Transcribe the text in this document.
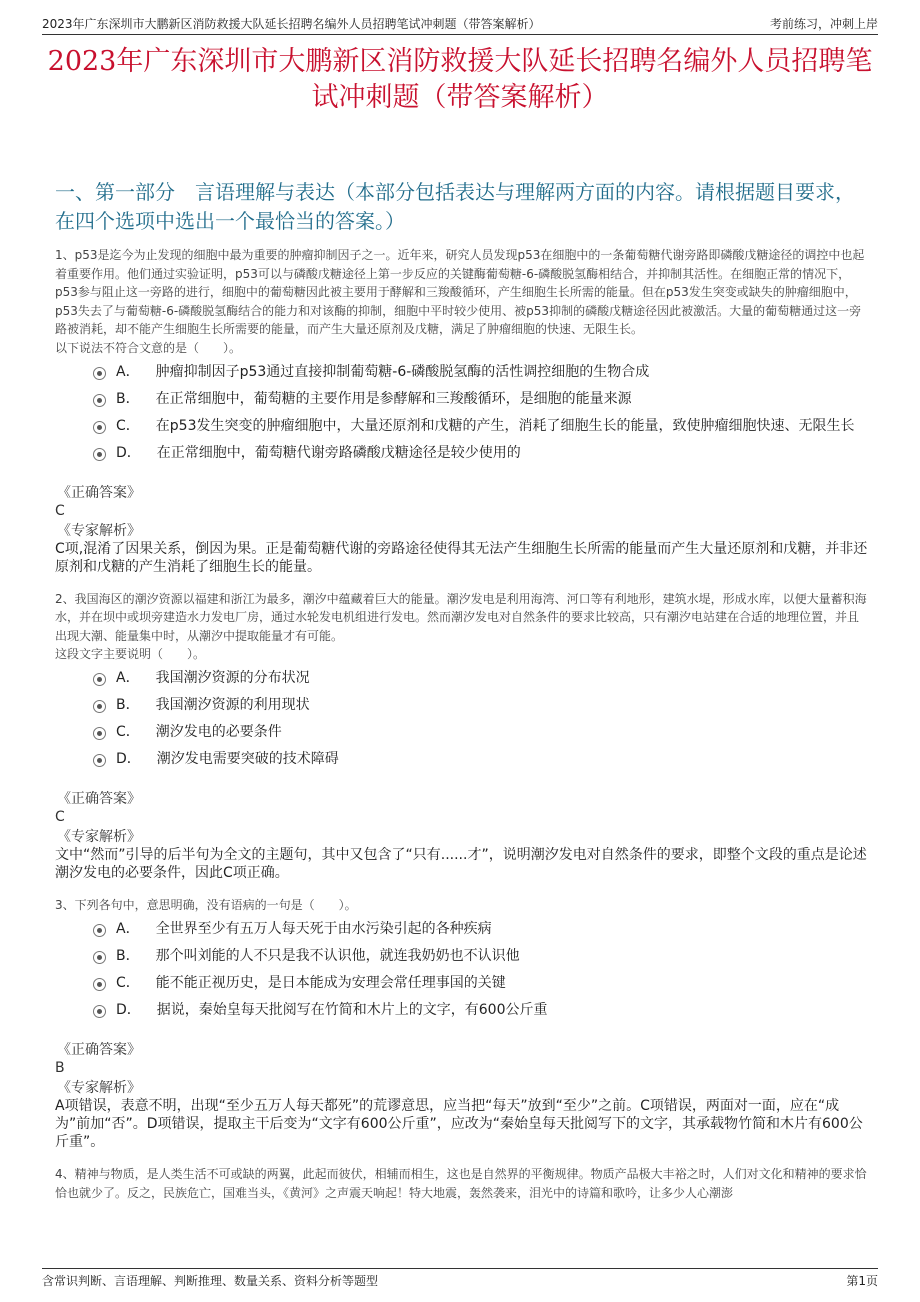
2023年广东深圳市大鹏新区消防救援大队延长招聘名编外人员招聘笔试冲刺题（带答案解析）	考前练习，冲刺上岸
2023年广东深圳市大鹏新区消防救援大队延长招聘名编外人员招聘笔试冲刺题（带答案解析）
一、第一部分　言语理解与表达（本部分包括表达与理解两方面的内容。请根据题目要求，在四个选项中选出一个最恰当的答案。）

1、p53是迄今为止发现的细胞中最为重要的肿瘤抑制因子之一。近年来，研究人员发现p53在细胞中的一条葡萄糖代谢旁路即磷酸戊糖途径的调控中也起着重要作用。他们通过实验证明，p53可以与磷酸戊糖途径上第一步反应的关键酶葡萄糖-6-磷酸脱氢酶相结合，并抑制其活性。在细胞正常的情况下，p53参与阻止这一旁路的进行，细胞中的葡萄糖因此被主要用于酵解和三羧酸循环，产生细胞生长所需的能量。但在p53发生突变或缺失的肿瘤细胞中，p53失去了与葡萄糖-6-磷酸脱氢酶结合的能力和对该酶的抑制，细胞中平时较少使用、被p53抑制的磷酸戊糖途径因此被激活。大量的葡萄糖通过这一旁路被消耗，却不能产生细胞生长所需要的能量，而产生大量还原剂及戊糖，满足了肿瘤细胞的快速、无限生长。

以下说法不符合文意的是（　　）。

A． 肿瘤抑制因子p53通过直接抑制葡萄糖-6-磷酸脱氢酶的活性调控细胞的生物合成
B． 在正常细胞中，葡萄糖的主要作用是参酵解和三羧酸循环，是细胞的能量来源
C． 在p53发生突变的肿瘤细胞中，大量还原剂和戊糖的产生，消耗了细胞生长的能量，致使肿瘤细胞快速、无限生长
D． 在正常细胞中，葡萄糖代谢旁路磷酸戊糖途径是较少使用的
《正确答案》
C
《专家解析》

C项,混淆了因果关系，倒因为果。正是葡萄糖代谢的旁路途径使得其无法产生细胞生长所需的能量而产生大量还原剂和戊糖，并非还原剂和戊糖的产生消耗了细胞生长的能量。

2、我国海区的潮汐资源以福建和浙江为最多，潮汐中蕴藏着巨大的能量。潮汐发电是利用海湾、河口等有利地形，建筑水堤，形成水库，以便大量蓄积海水，并在坝中或坝旁建造水力发电厂房，通过水轮发电机组进行发电。然而潮汐发电对自然条件的要求比较高，只有潮汐电站建在合适的地理位置，并且出现大潮、能量集中时，从潮汐中提取能量才有可能。

这段文字主要说明（　　）。

A． 我国潮汐资源的分布状况
B． 我国潮汐资源的利用现状
C． 潮汐发电的必要条件
D． 潮汐发电需要突破的技术障碍
《正确答案》
C
《专家解析》

文中“然而”引导的后半句为全文的主题句，其中又包含了“只有......才”，说明潮汐发电对自然条件的要求，即整个文段的重点是论述潮汐发电的必要条件，因此C项正确。

3、下列各句中，意思明确，没有语病的一句是（　　）。

A． 全世界至少有五万人每天死于由水污染引起的各种疾病
B． 那个叫刘能的人不只是我不认识他，就连我奶奶也不认识他
C． 能不能正视历史，是日本能成为安理会常任理事国的关键
D． 据说，秦始皇每天批阅写在竹简和木片上的文字，有600公斤重
《正确答案》
B
《专家解析》

A项错误，表意不明，出现“至少五万人每天都死”的荒谬意思，应当把“每天”放到“至少”之前。C项错误，两面对一面，应在“成为”前加“否”。D项错误，提取主干后变为“文字有600公斤重”，应改为“秦始皇每天批阅写下的文字，其承载物竹简和木片有600公斤重”。

4、精神与物质，是人类生活不可或缺的两翼，此起而彼伏，相辅而相生，这也是自然界的平衡规律。物质产品极大丰裕之时，人们对文化和精神的要求恰恰也就少了。反之，民族危亡，国难当头，《黄河》之声震天响起！特大地震，轰然袭来，泪光中的诗篇和歌吟，让多少人心潮澎

含常识判断、言语理解、判断推理、数量关系、资料分析等题型	第1页
